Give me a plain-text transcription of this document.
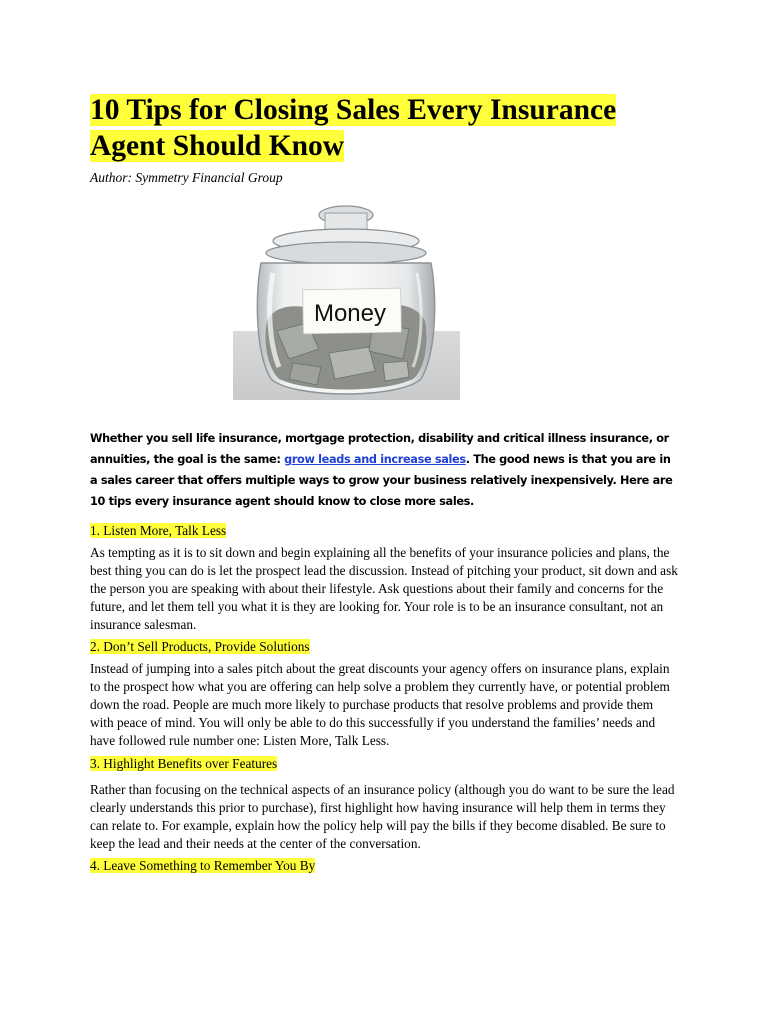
10 Tips for Closing Sales Every Insurance Agent Should Know

Author: Symmetry Financial Group

Money

Whether you sell life insurance, mortgage protection, disability and critical illness insurance, or annuities, the goal is the same: grow leads and increase sales. The good news is that you are in a sales career that offers multiple ways to grow your business relatively inexpensively. Here are 10 tips every insurance agent should know to close more sales.

1. Listen More, Talk Less

As tempting as it is to sit down and begin explaining all the benefits of your insurance policies and plans, the best thing you can do is let the prospect lead the discussion. Instead of pitching your product, sit down and ask the person you are speaking with about their lifestyle. Ask questions about their family and concerns for the future, and let them tell you what it is they are looking for. Your role is to be an insurance consultant, not an insurance salesman.

2. Don’t Sell Products, Provide Solutions

Instead of jumping into a sales pitch about the great discounts your agency offers on insurance plans, explain to the prospect how what you are offering can help solve a problem they currently have, or potential problem down the road. People are much more likely to purchase products that resolve problems and provide them with peace of mind. You will only be able to do this successfully if you understand the families’ needs and have followed rule number one: Listen More, Talk Less.

3. Highlight Benefits over Features

Rather than focusing on the technical aspects of an insurance policy (although you do want to be sure the lead clearly understands this prior to purchase), first highlight how having insurance will help them in terms they can relate to. For example, explain how the policy help will pay the bills if they become disabled. Be sure to keep the lead and their needs at the center of the conversation.

4. Leave Something to Remember You By
